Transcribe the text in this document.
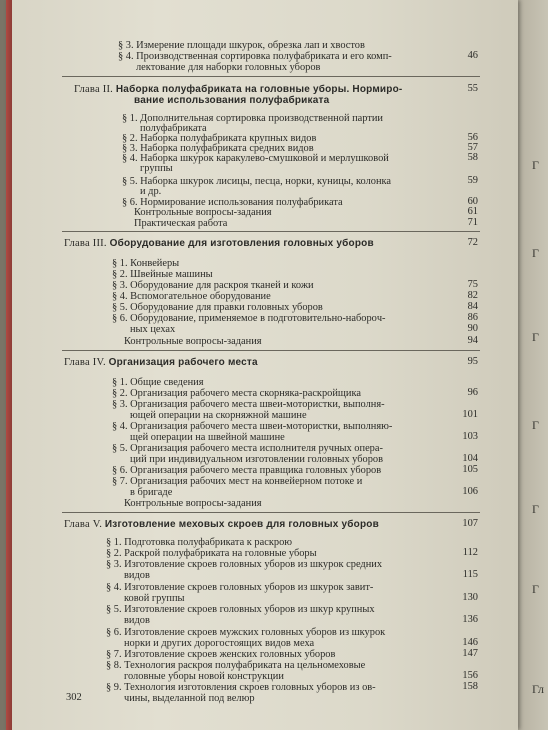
Г
Г
Г
Г
Г
Г
Гл
302
§ 3. Измерение площади шкурок, обрезка лап и хвостов
§ 4. Производственная сортировка полуфабриката и его комп-	46
лектование для наборки головных уборов
Глава II. Наборка полуфабриката на головные уборы. Нормиро-	55
вание использования полуфабриката
§ 1. Дополнительная сортировка производственной партии
полуфабриката
§ 2. Наборка полуфабриката крупных видов	56
§ 3. Наборка полуфабриката средних видов	57
§ 4. Наборка шкурок каракулево-смушковой и мерлушковой	58
группы
§ 5. Наборка шкурок лисицы, песца, норки, куницы, колонка	59
и др.
§ 6. Нормирование использования полуфабриката	60
Контрольные вопросы-задания	61
Практическая работа	71
Глава III. Оборудование для изготовления головных уборов	72
§ 1. Конвейеры
§ 2. Швейные машины
§ 3. Оборудование для раскроя тканей и кожи	75
§ 4. Вспомогательное оборудование	82
§ 5. Оборудование для правки головных уборов	84
§ 6. Оборудование, применяемое в подготовительно-наборoч-	86
ных цехах	90
Контрольные вопросы-задания	94
Глава IV. Организация рабочего места	95
§ 1. Общие сведения
§ 2. Организация рабочего места скорняка-раскройщика	96
§ 3. Организация рабочего места швеи-мотористки, выполня-
ющей операции на скорняжной машине	101
§ 4. Организация рабочего места швеи-мотористки, выполняю-
щей операции на швейной машине	103
§ 5. Организация рабочего места исполнителя ручных опера-
ций при индивидуальном изготовлении головных уборов	104
§ 6. Организация рабочего места правщика головных уборов	105
§ 7. Организация рабочих мест на конвейерном потоке и
в бригаде	106
Контрольные вопросы-задания
Глава V. Изготовление меховых скроев для головных уборов	107
§ 1. Подготовка полуфабриката к раскрою
§ 2. Раскрой полуфабриката на головные уборы	112
§ 3. Изготовление скроев головных уборов из шкурок средних
видов	115
§ 4. Изготовление скроев головных уборов из шкурок завит-
ковой группы	130
§ 5. Изготовление скроев головных уборов из шкур крупных
видов	136
§ 6. Изготовление скроев мужских головных уборов из шкурок
норки и других дорогостоящих видов меха	146
§ 7. Изготовление скроев женских головных уборов	147
§ 8. Технология раскроя полуфабриката на цельномеховые
головные уборы новой конструкции	156
§ 9. Технология изготовления скроев головных уборов из ов-	158
чины, выделанной под велюр
